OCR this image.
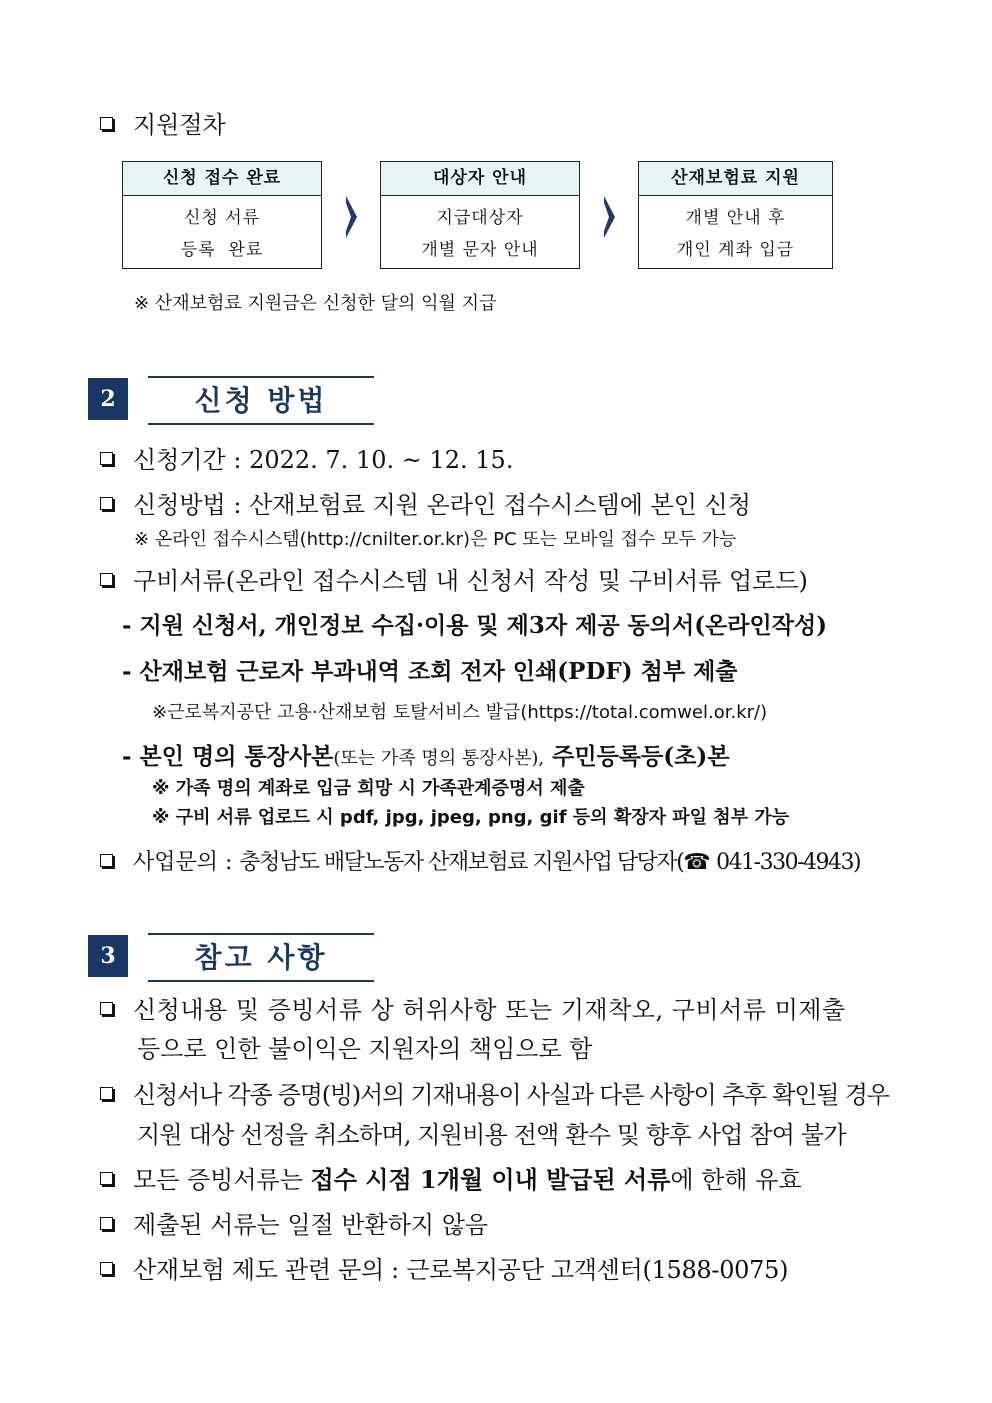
지원절차
신청 접수 완료
신청 서류
등록  완료
대상자 안내
지급대상자
개별 문자 안내
산재보험료 지원
개별 안내 후
개인 계좌 입금
※ 산재보험료 지원금은 신청한 달의 익월 지급
2	신청 방법
신청기간 : 2022. 7. 10. ~ 12. 15.
신청방법 : 산재보험료 지원 온라인 접수시스템에 본인 신청
※ 온라인 접수시스템(http://cnilter.or.kr)은 PC 또는 모바일 접수 모두 가능
구비서류(온라인 접수시스템 내 신청서 작성 및 구비서류 업로드)
- 지원 신청서, 개인정보 수집·이용 및 제3자 제공 동의서(온라인작성)
- 산재보험 근로자 부과내역 조회 전자 인쇄(PDF) 첨부 제출
※근로복지공단 고용·산재보험 토탈서비스 발급(https://total.comwel.or.kr/)
- 본인 명의 통장사본(또는 가족 명의 통장사본), 주민등록등(초)본
※ 가족 명의 계좌로 입금 희망 시 가족관계증명서 제출
※ 구비 서류 업로드 시 pdf, jpg, jpeg, png, gif 등의 확장자 파일 첨부 가능
사업문의 : 충청남도 배달노동자 산재보험료 지원사업 담당자(☎ 041-330-4943)
3	참고 사항
신청내용 및 증빙서류 상 허위사항 또는 기재착오, 구비서류 미제출
등으로 인한 불이익은 지원자의 책임으로 함
신청서나 각종 증명(빙)서의 기재내용이 사실과 다른 사항이 추후 확인될 경우
지원 대상 선정을 취소하며, 지원비용 전액 환수 및 향후 사업 참여 불가
모든 증빙서류는 접수 시점 1개월 이내 발급된 서류에 한해 유효
제출된 서류는 일절 반환하지 않음
산재보험 제도 관련 문의 : 근로복지공단 고객센터(1588-0075)
